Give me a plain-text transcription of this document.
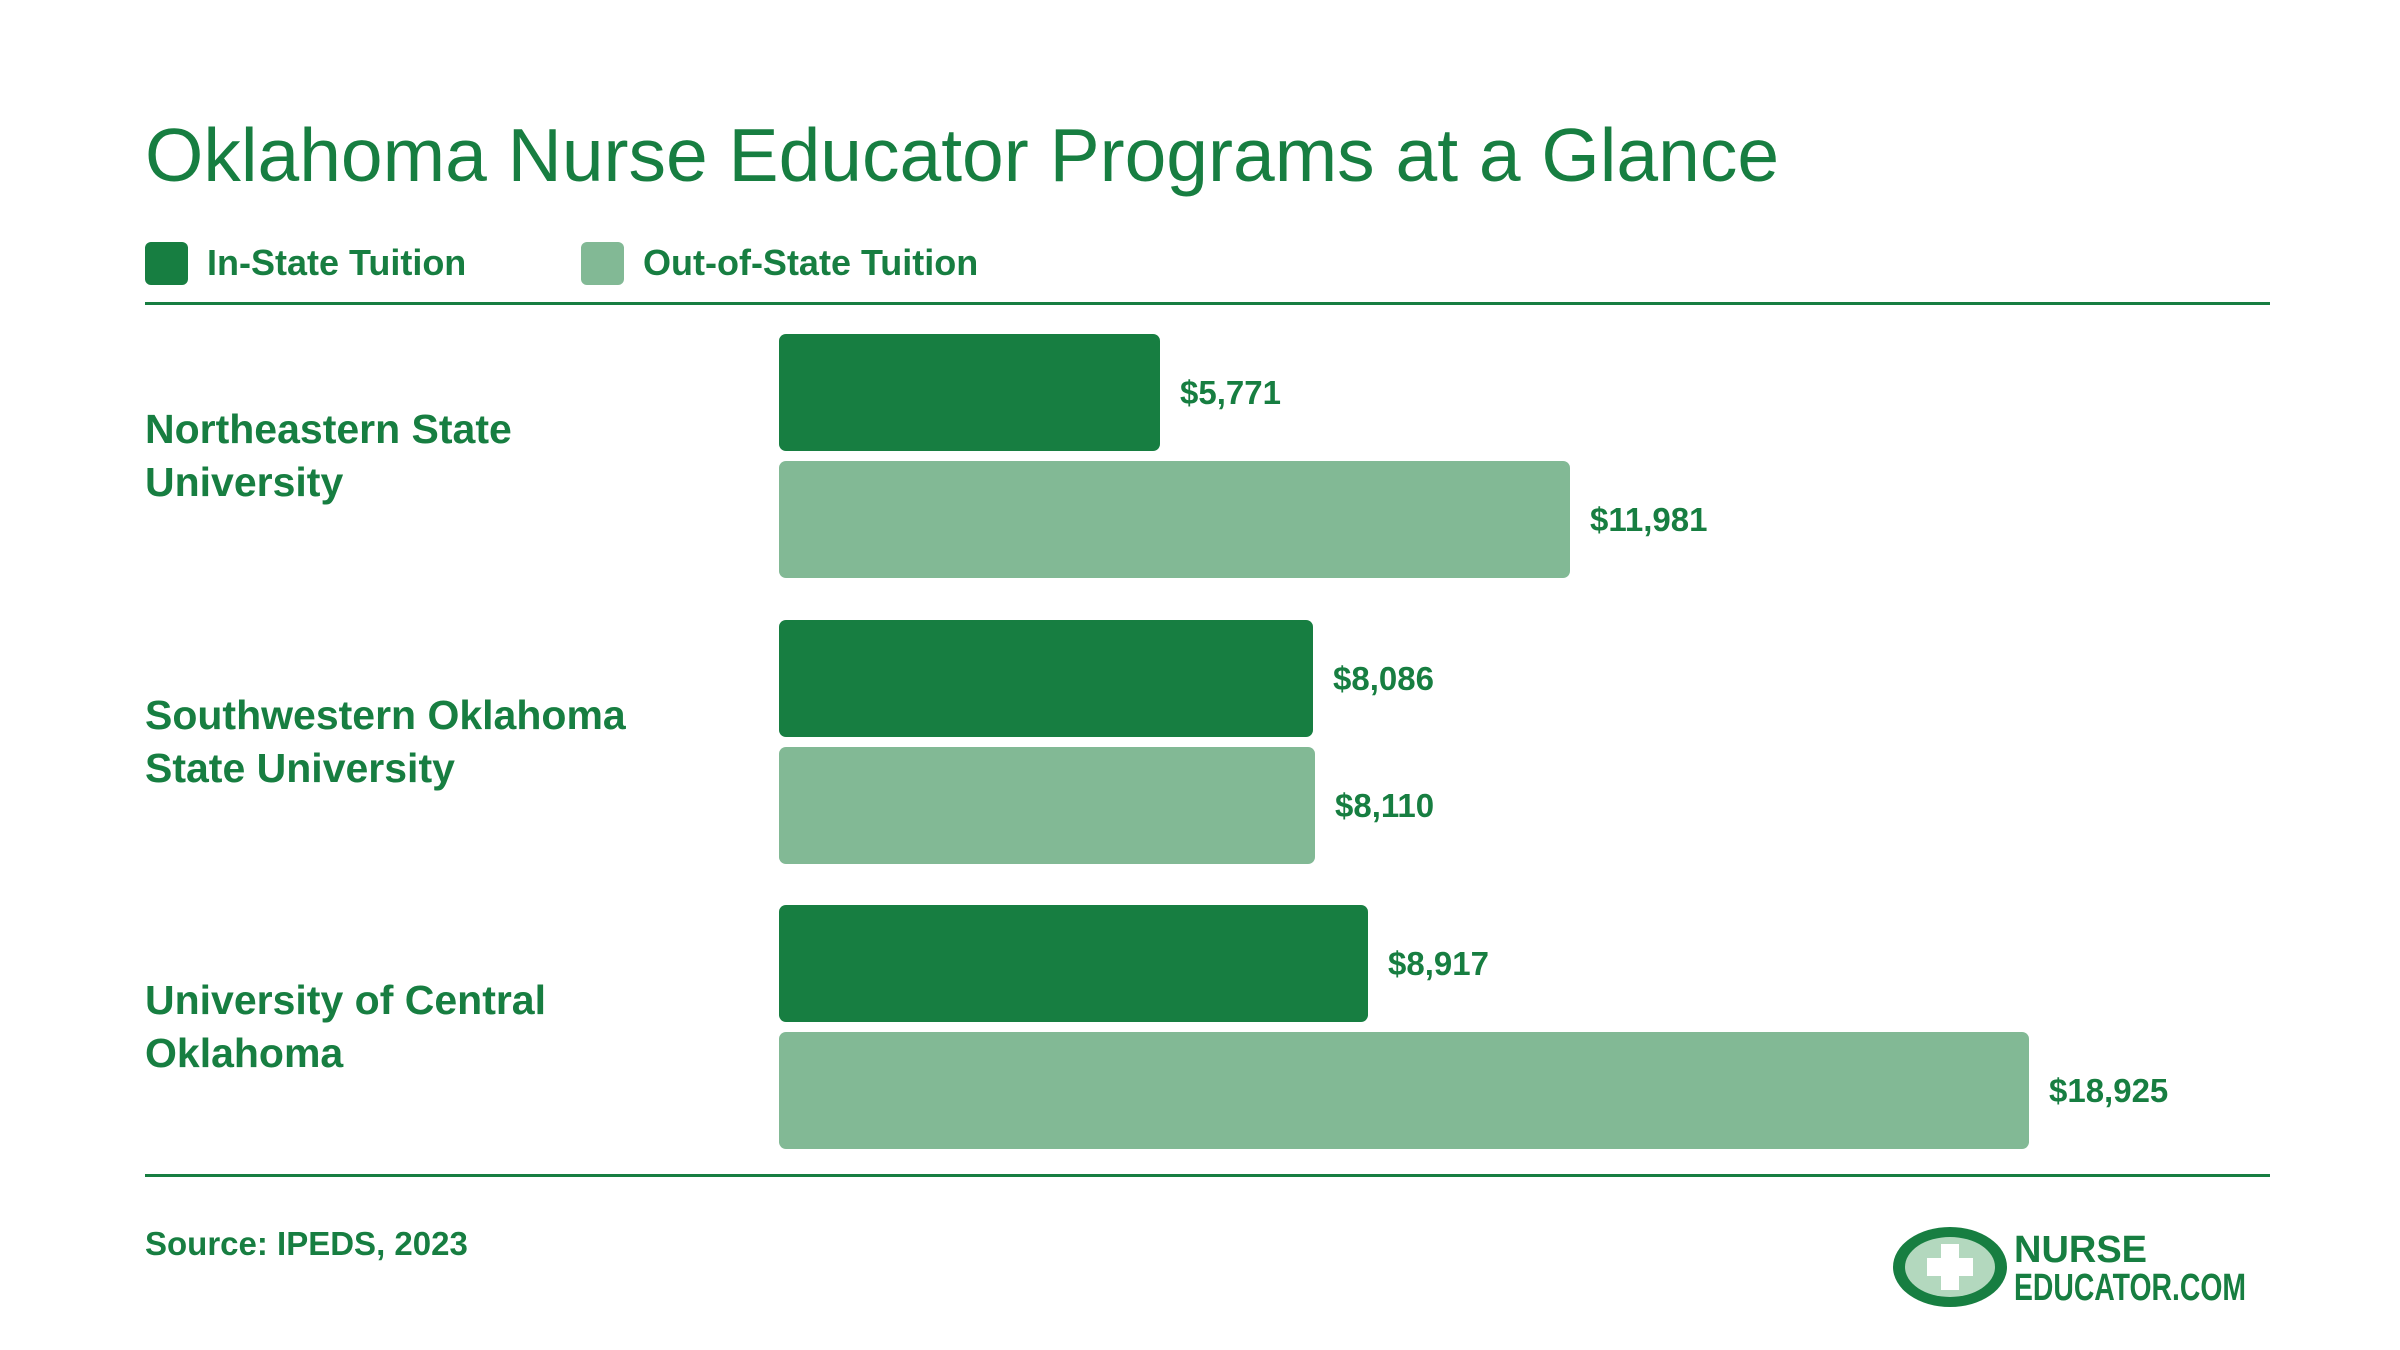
Oklahoma Nurse Educator Programs at a Glance
In-State Tuition	Out-of-State Tuition
Northeastern State
University
$5,771
$11,981
Southwestern Oklahoma
State University
$8,086
$8,110
University of Central
Oklahoma
$8,917
$18,925
Source: IPEDS, 2023	NURSE
EDUCATOR.COM
